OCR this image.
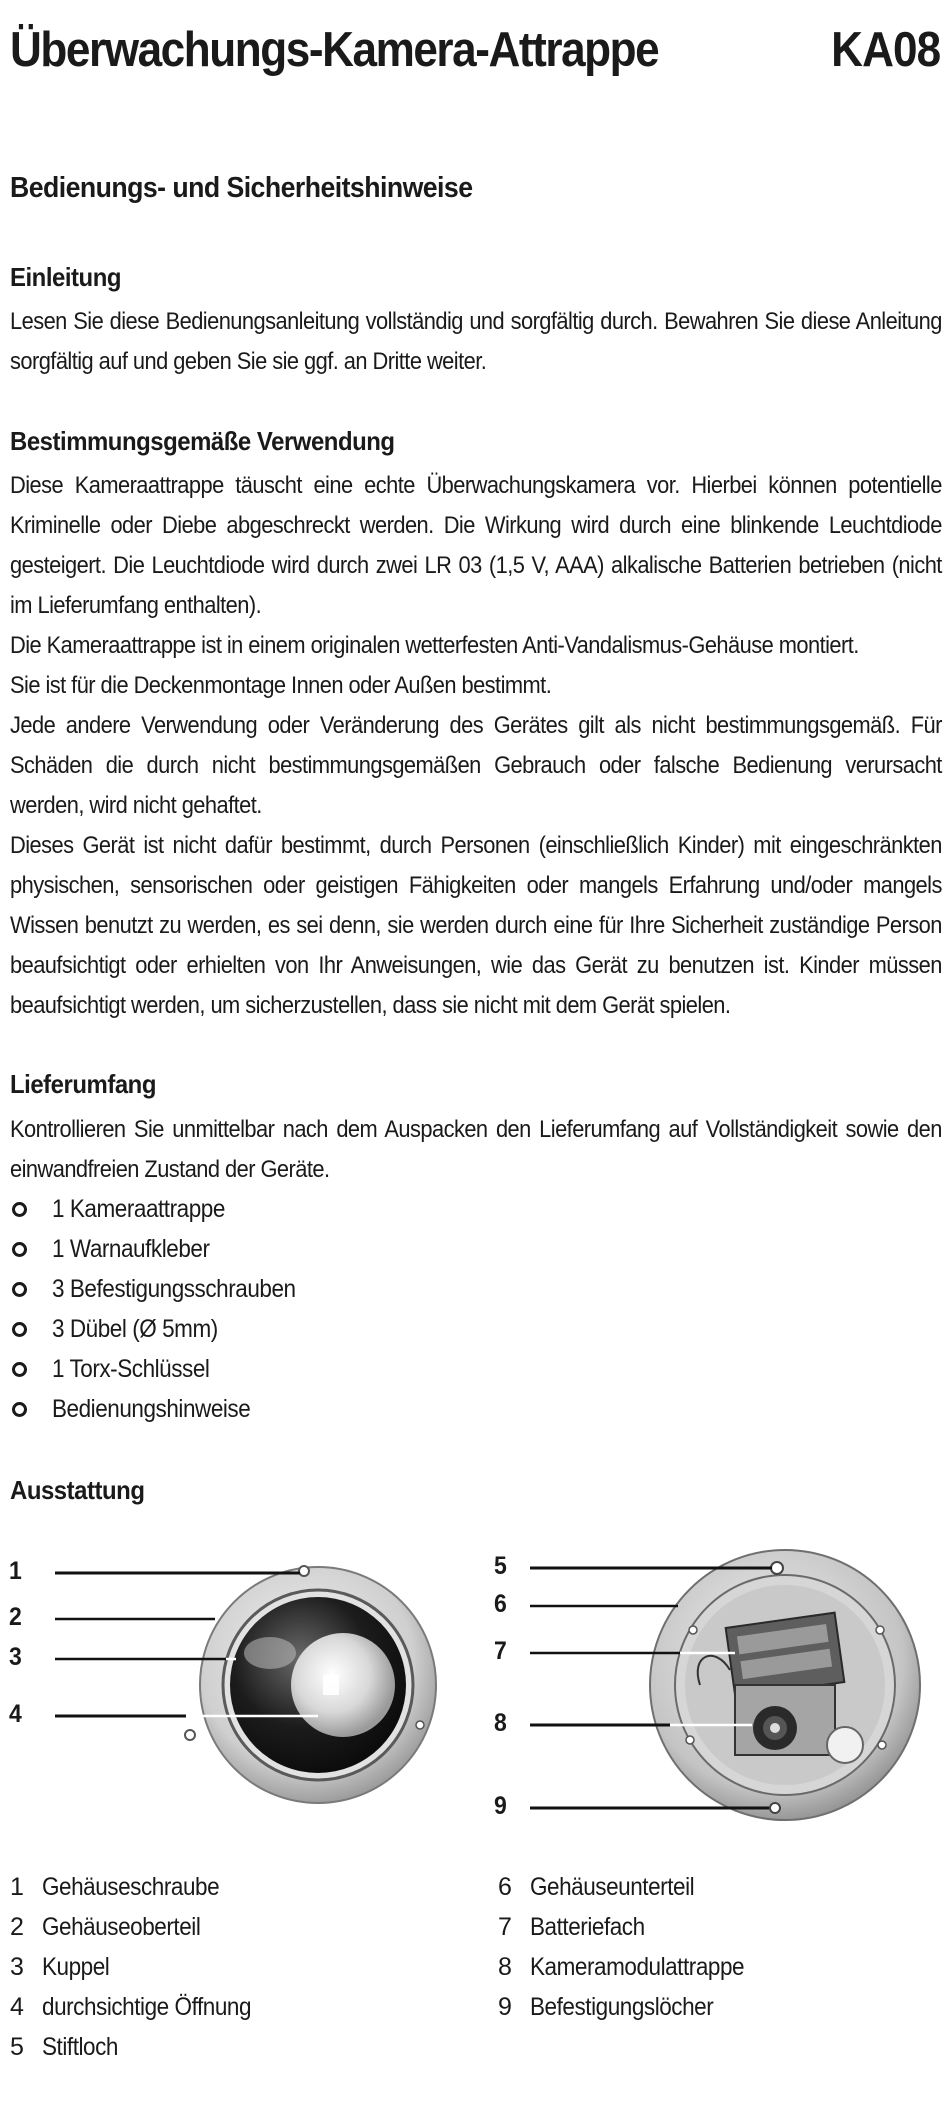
Überwachungs-Kamera-Attrappe	KA08
Bedienungs- und Sicherheitshinweise
Einleitung

Lesen Sie diese Bedienungsanleitung vollständig und sorgfältig durch. Bewahren Sie diese Anleitung sorgfältig auf und geben Sie sie ggf. an Dritte weiter.

Bestimmungsgemäße Verwendung

Diese Kameraattrappe täuscht eine echte Überwachungskamera vor. Hierbei können potentielle Kriminelle oder Diebe abgeschreckt werden. Die Wirkung wird durch eine blinkende Leuchtdiode gesteigert. Die Leuchtdiode wird durch zwei LR 03 (1,5 V, AAA) alkalische Batterien betrieben (nicht im Lieferumfang enthalten).

Die Kameraattrappe ist in einem originalen wetterfesten Anti-Vandalismus-Gehäuse montiert.

Sie ist für die Deckenmontage Innen oder Außen bestimmt.

Jede andere Verwendung oder Veränderung des Gerätes gilt als nicht bestimmungsgemäß. Für Schäden die durch nicht bestimmungsgemäßen Gebrauch oder falsche Bedienung verursacht werden, wird nicht gehaftet.

Dieses Gerät ist nicht dafür bestimmt, durch Personen (einschließlich Kinder) mit eingeschränkten physischen, sensorischen oder geistigen Fähigkeiten oder mangels Erfahrung und/oder mangels Wissen benutzt zu werden, es sei denn, sie werden durch eine für Ihre Sicherheit zuständige Person beaufsichtigt oder erhielten von Ihr Anweisungen, wie das Gerät zu benutzen ist. Kinder müssen beaufsichtigt werden, um sicherzustellen, dass sie nicht mit dem Gerät spielen.

Lieferumfang
Kontrollieren Sie unmittelbar nach dem Auspacken den Lieferumfang auf Vollständigkeit sowie den einwandfreien Zustand der Geräte.
1 Kameraattrappe
1 Warnaufkleber
3 Befestigungsschrauben
3 Dübel (Ø 5mm)
1 Torx-Schlüssel
Bedienungshinweise
Ausstattung
1
2
3
4
5
6
7
8
9
1 Gehäuseschraube
2 Gehäuseoberteil
3 Kuppel
4 durchsichtige Öffnung
5 Stiftloch
6 Gehäuseunterteil
7 Batteriefach
8 Kameramodulattrappe
9 Befestigungslöcher
